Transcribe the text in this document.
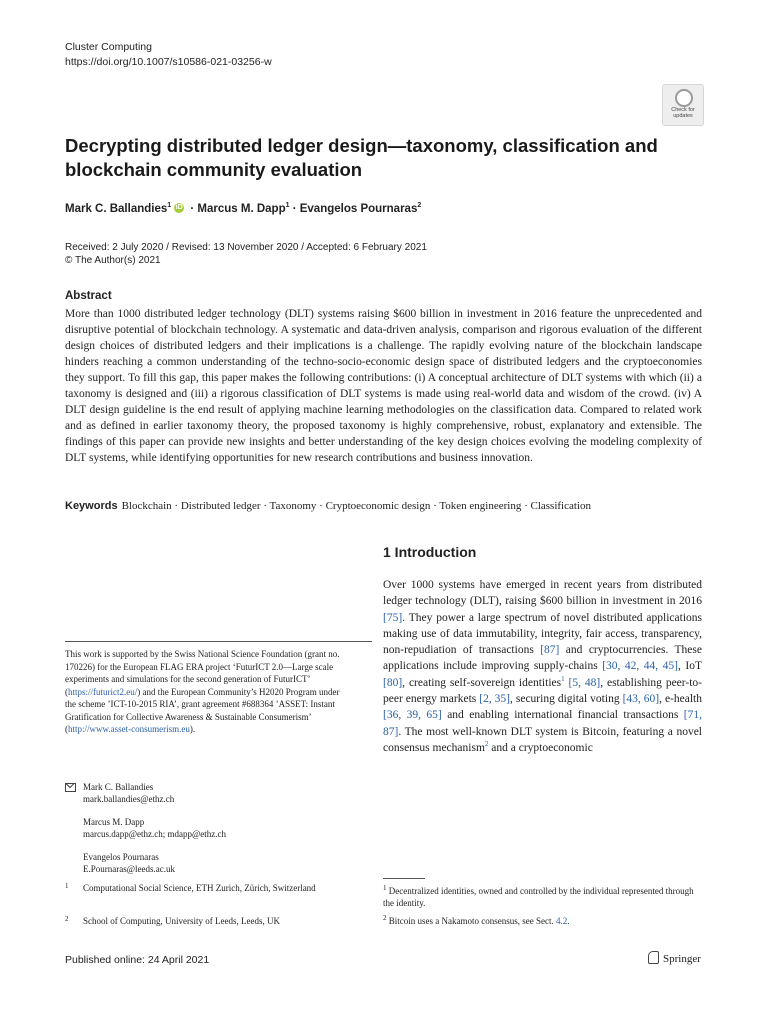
Cluster Computing
https://doi.org/10.1007/s10586-021-03256-w
Check for
updates
Decrypting distributed ledger design—taxonomy, classification and blockchain community evaluation
Mark C. Ballandies$^1$ iD · Marcus M. Dapp$^1$ · Evangelos Pournaras$^2$
Received: 2 July 2020 / Revised: 13 November 2020 / Accepted: 6 February 2021
© The Author(s) 2021
Abstract
More than 1000 distributed ledger technology (DLT) systems raising $600 billion in investment in 2016 feature the unprecedented and disruptive potential of blockchain technology. A systematic and data-driven analysis, comparison and rigorous evaluation of the different design choices of distributed ledgers and their implications is a challenge. The rapidly evolving nature of the blockchain landscape hinders reaching a common understanding of the techno-socio-economic design space of distributed ledgers and the cryptoeconomies they support. To fill this gap, this paper makes the following contributions: (i) A conceptual architecture of DLT systems with which (ii) a taxonomy is designed and (iii) a rigorous classification of DLT systems is made using real-world data and wisdom of the crowd. (iv) A DLT design guideline is the end result of applying machine learning methodologies on the classification data. Compared to related work and as defined in earlier taxonomy theory, the proposed taxonomy is highly comprehensive, robust, explanatory and extensible. The findings of this paper can provide new insights and better understanding of the key design choices evolving the modeling complexity of DLT systems, while identifying opportunities for new research contributions and business innovation.
Keywords Blockchain · Distributed ledger · Taxonomy · Cryptoeconomic design · Token engineering · Classification
1 Introduction
Over 1000 systems have emerged in recent years from distributed ledger technology (DLT), raising $600 billion in investment in 2016 [75]. They power a large spectrum of novel distributed applications making use of data immutability, integrity, fair access, transparency, non-repudiation of transactions [87] and cryptocurrencies. These applications include improving supply-chains [30, 42, 44, 45], IoT [80], creating self-sovereign identities$^1$ [5, 48], establishing peer-to-peer energy markets [2, 35], securing digital voting [43, 60], e-health [36, 39, 65] and enabling international financial transactions [71, 87]. The most well-known DLT system is Bitcoin, featuring a novel consensus mechanism$^2$ and a cryptoeconomic
This work is supported by the Swiss National Science Foundation (grant no. 170226) for the European FLAG ERA project ‘FuturICT 2.0—Large scale experiments and simulations for the second generation of FuturICT’ (https://futurict2.eu/) and the European Community’s H2020 Program under the scheme ’ICT-10-2015 RIA’, grant agreement #688364 ’ASSET: Instant Gratification for Collective Awareness & Sustainable Consumerism’ (http://www.asset-consumerism.eu).
Mark C. Ballandies
mark.ballandies@ethz.ch
Marcus M. Dapp
marcus.dapp@ethz.ch; mdapp@ethz.ch
Evangelos Pournaras
E.Pournaras@leeds.ac.uk
1 Computational Social Science, ETH Zurich, Zürich, Switzerland
2 School of Computing, University of Leeds, Leeds, UK
$^1$ Decentralized identities, owned and controlled by the individual represented through the identity.
$^2$ Bitcoin uses a Nakamoto consensus, see Sect. 4.2.
Published online: 24 April 2021	Springer
